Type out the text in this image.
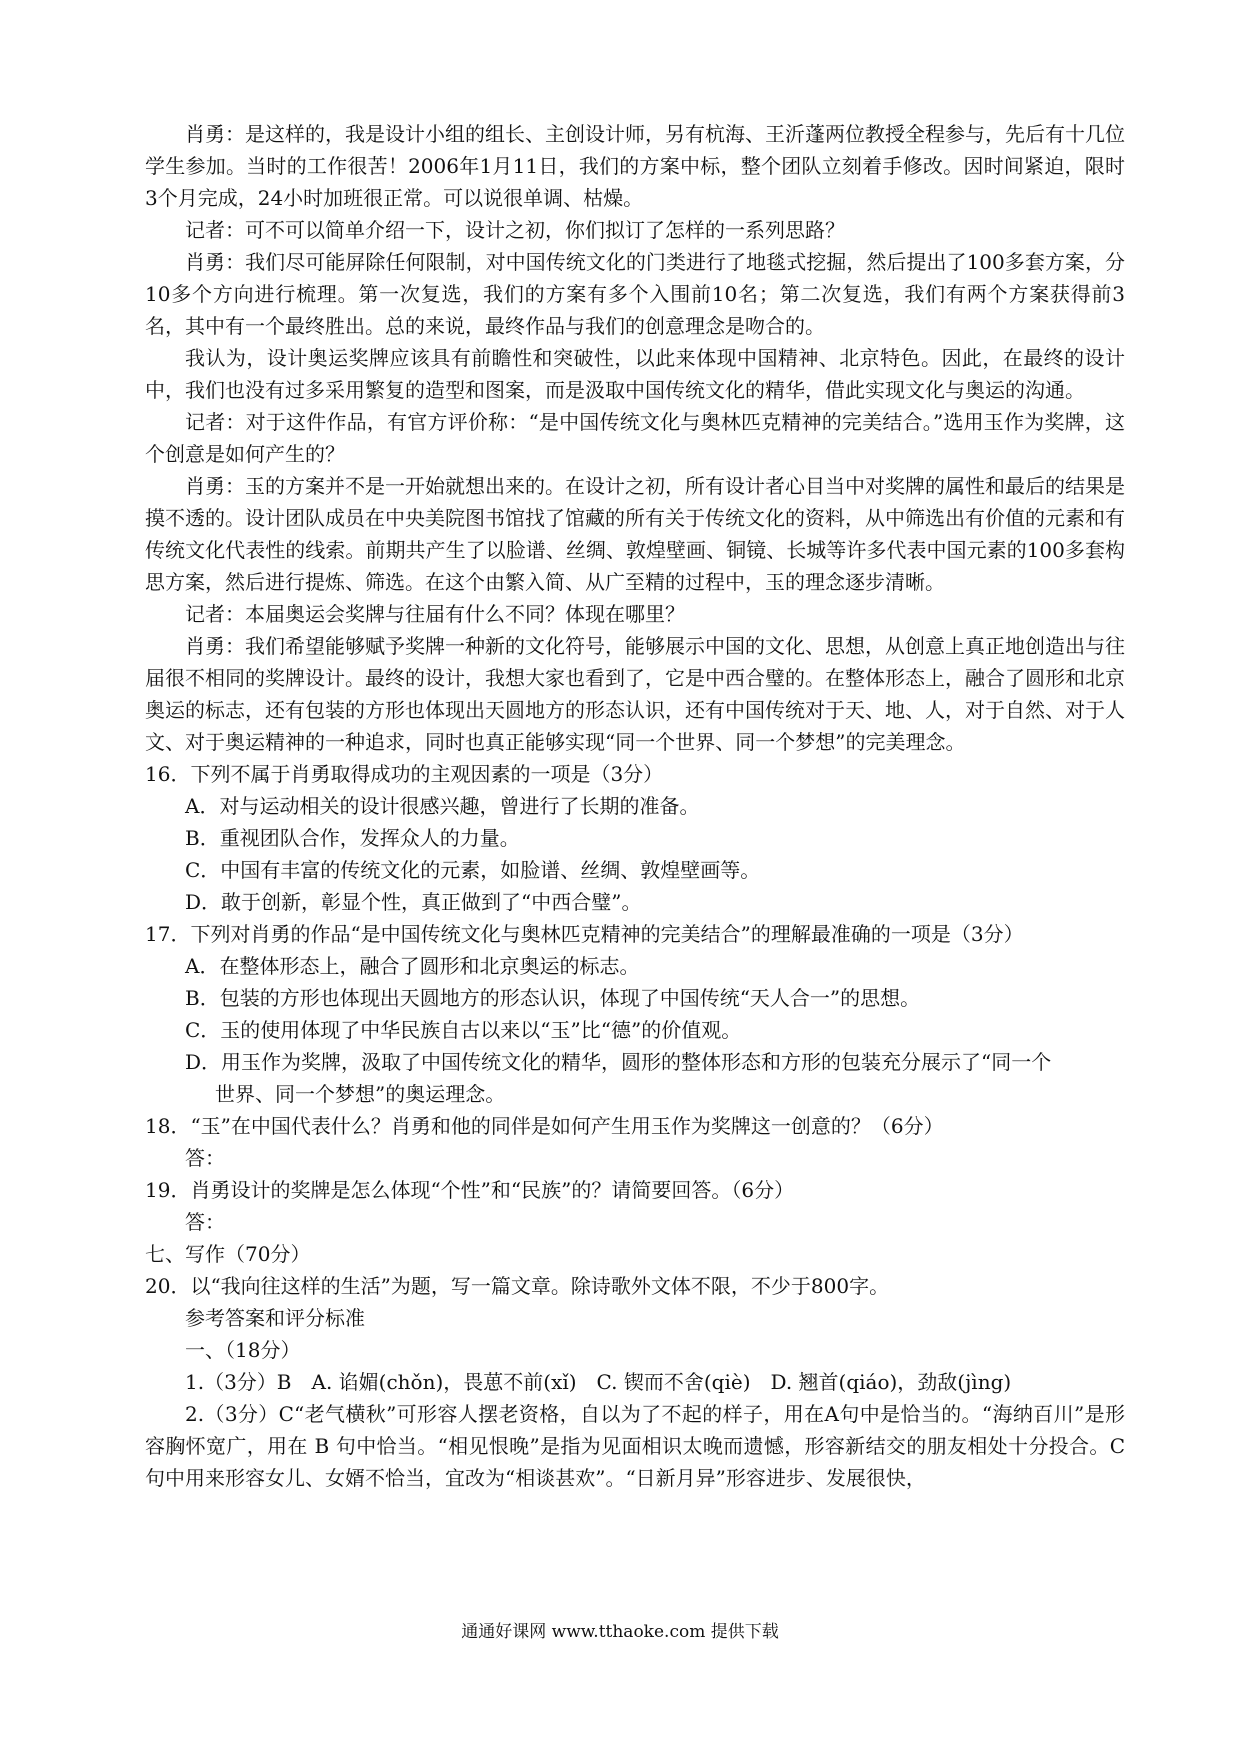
肖勇：是这样的，我是设计小组的组长、主创设计师，另有杭海、王沂蓬两位教授全程参与，先后有十几位学生参加。当时的工作很苦！2006年1月11日，我们的方案中标，整个团队立刻着手修改。因时间紧迫，限时3个月完成，24小时加班很正常。可以说很单调、枯燥。

记者：可不可以简单介绍一下，设计之初，你们拟订了怎样的一系列思路？

肖勇：我们尽可能屏除任何限制，对中国传统文化的门类进行了地毯式挖掘，然后提出了100多套方案，分10多个方向进行梳理。第一次复选，我们的方案有多个入围前10名；第二次复选，我们有两个方案获得前3名，其中有一个最终胜出。总的来说，最终作品与我们的创意理念是吻合的。

我认为，设计奥运奖牌应该具有前瞻性和突破性，以此来体现中国精神、北京特色。因此，在最终的设计中，我们也没有过多采用繁复的造型和图案，而是汲取中国传统文化的精华，借此实现文化与奥运的沟通。

记者：对于这件作品，有官方评价称：“是中国传统文化与奥林匹克精神的完美结合。”选用玉作为奖牌，这个创意是如何产生的？

肖勇：玉的方案并不是一开始就想出来的。在设计之初，所有设计者心目当中对奖牌的属性和最后的结果是摸不透的。设计团队成员在中央美院图书馆找了馆藏的所有关于传统文化的资料，从中筛选出有价值的元素和有传统文化代表性的线索。前期共产生了以脸谱、丝绸、敦煌壁画、铜镜、长城等许多代表中国元素的100多套构思方案，然后进行提炼、筛选。在这个由繁入简、从广至精的过程中，玉的理念逐步清晰。

记者：本届奥运会奖牌与往届有什么不同？体现在哪里？

肖勇：我们希望能够赋予奖牌一种新的文化符号，能够展示中国的文化、思想，从创意上真正地创造出与往届很不相同的奖牌设计。最终的设计，我想大家也看到了，它是中西合璧的。在整体形态上，融合了圆形和北京奥运的标志，还有包装的方形也体现出天圆地方的形态认识，还有中国传统对于天、地、人，对于自然、对于人文、对于奥运精神的一种追求，同时也真正能够实现“同一个世界、同一个梦想”的完美理念。

16．下列不属于肖勇取得成功的主观因素的一项是（3分）

A．对与运动相关的设计很感兴趣，曾进行了长期的准备。

B．重视团队合作，发挥众人的力量。

C．中国有丰富的传统文化的元素，如脸谱、丝绸、敦煌壁画等。

D．敢于创新，彰显个性，真正做到了“中西合璧”。

17．下列对肖勇的作品“是中国传统文化与奥林匹克精神的完美结合”的理解最准确的一项是（3分）

A．在整体形态上，融合了圆形和北京奥运的标志。

B．包装的方形也体现出天圆地方的形态认识，体现了中国传统“天人合一”的思想。

C．玉的使用体现了中华民族自古以来以“玉”比“德”的价值观。

D．用玉作为奖牌，汲取了中国传统文化的精华，圆形的整体形态和方形的包装充分展示了“同一个

世界、同一个梦想”的奥运理念。

18．“玉”在中国代表什么？肖勇和他的同伴是如何产生用玉作为奖牌这一创意的？（6分）

答：

19．肖勇设计的奖牌是怎么体现“个性”和“民族”的？请简要回答。（6分）

答：

七、写作（70分）

20．以“我向往这样的生活”为题，写一篇文章。除诗歌外文体不限，不少于800字。

参考答案和评分标准

一、（18分）

1.（3分）B　A. 谄媚(chǒn)，畏葸不前(xǐ)　C. 锲而不舍(qiè)　D. 翘首(qiáo)，劲敌(jìng)

2.（3分）C“老气横秋”可形容人摆老资格，自以为了不起的样子，用在A句中是恰当的。“海纳百川”是形容胸怀宽广，用在 B 句中恰当。“相见恨晚”是指为见面相识太晚而遗憾，形容新结交的朋友相处十分投合。C句中用来形容女儿、女婿不恰当，宜改为“相谈甚欢”。“日新月异”形容进步、发展很快，

通通好课网 www.tthaoke.com 提供下载
